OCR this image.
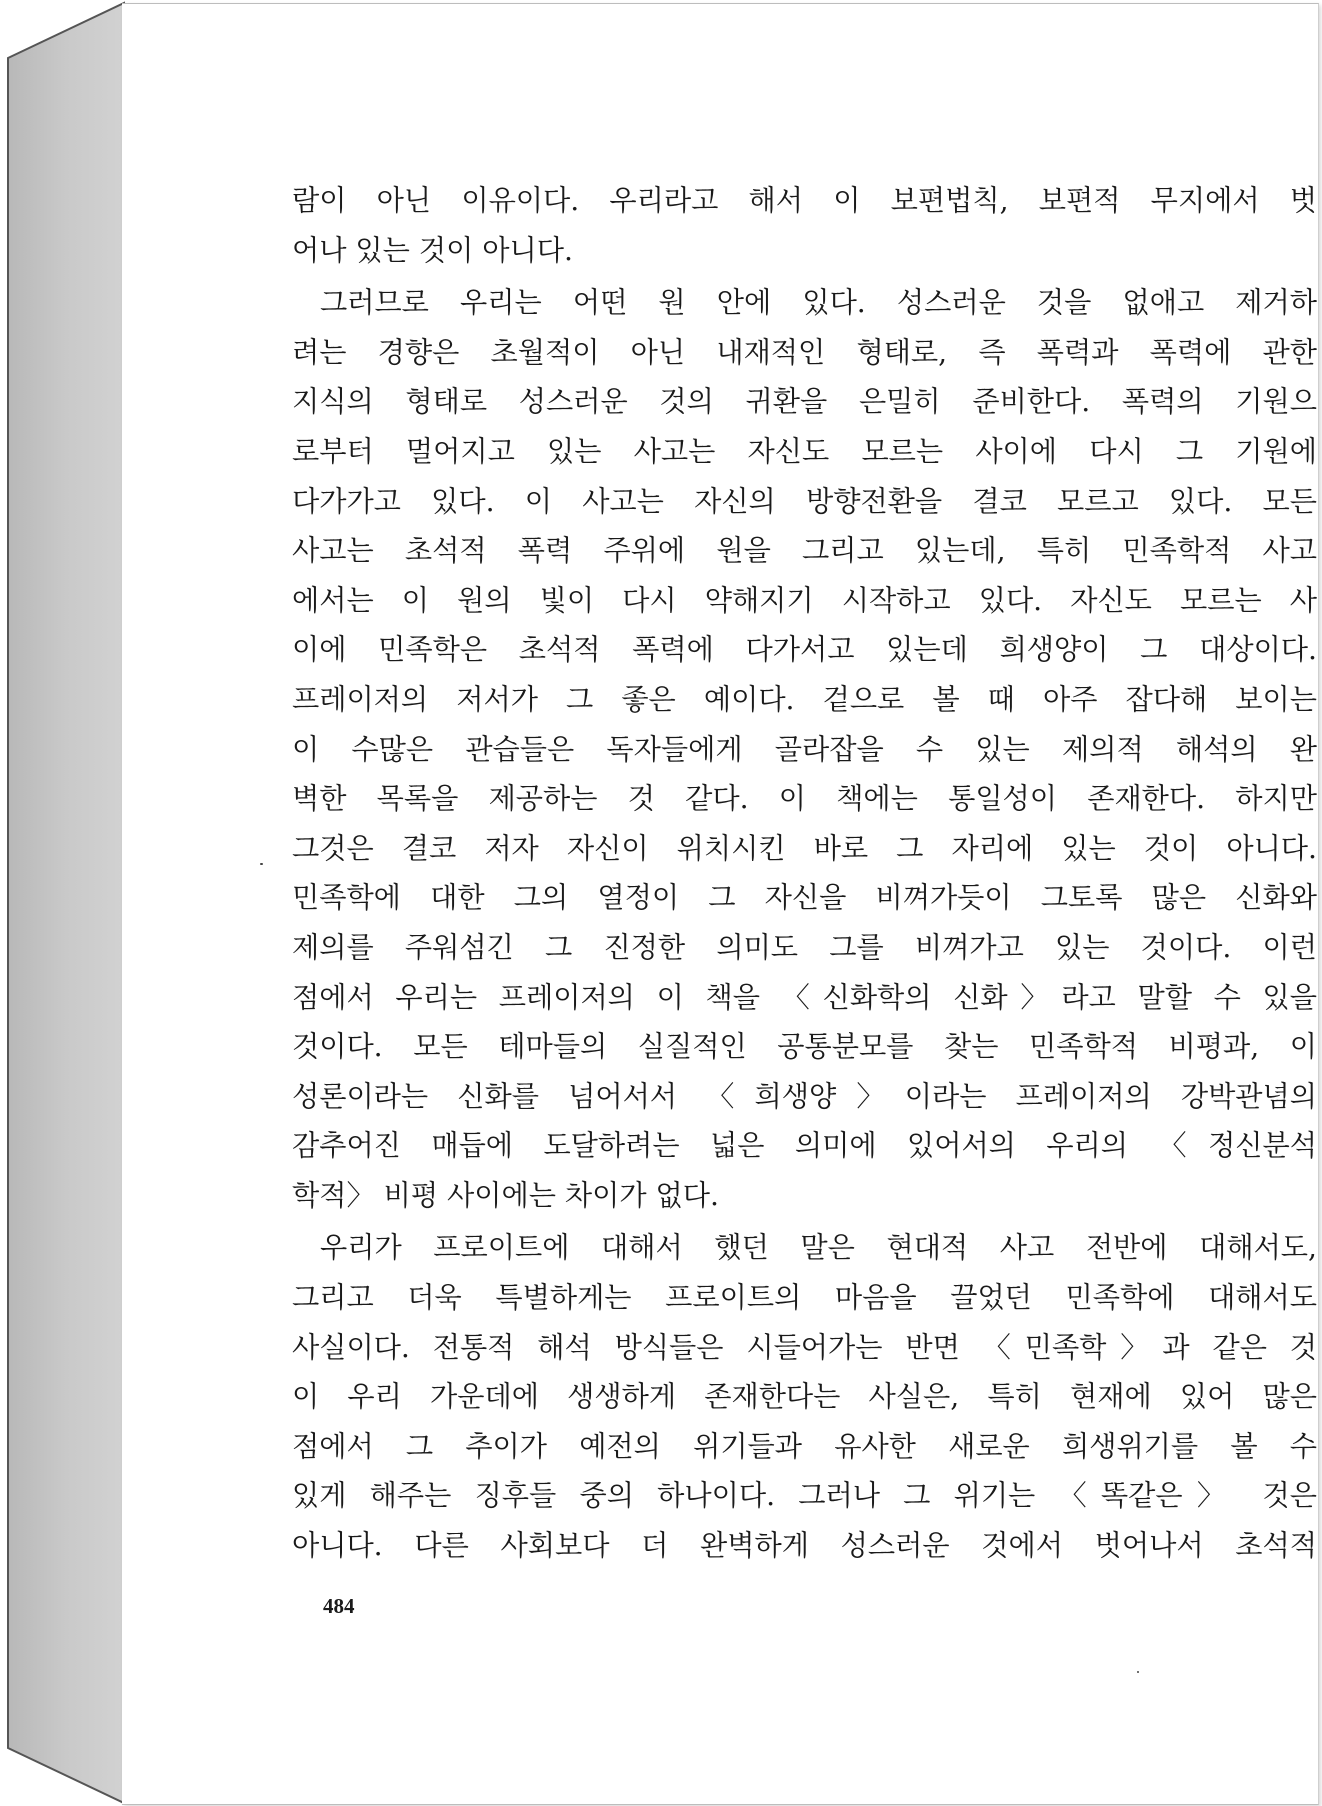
람이 아닌 이유이다. 우리라고 해서 이 보편법칙, 보편적 무지에서 벗
어나 있는 것이 아니다.
그러므로 우리는 어떤 원 안에 있다. 성스러운 것을 없애고 제거하
려는 경향은 초월적이 아닌 내재적인 형태로, 즉 폭력과 폭력에 관한
지식의 형태로 성스러운 것의 귀환을 은밀히 준비한다. 폭력의 기원으
로부터 멀어지고 있는 사고는 자신도 모르는 사이에 다시 그 기원에
다가가고 있다. 이 사고는 자신의 방향전환을 결코 모르고 있다. 모든
사고는 초석적 폭력 주위에 원을 그리고 있는데, 특히 민족학적 사고
에서는 이 원의 빛이 다시 약해지기 시작하고 있다. 자신도 모르는 사
이에 민족학은 초석적 폭력에 다가서고 있는데 희생양이 그 대상이다.
프레이저의 저서가 그 좋은 예이다. 겉으로 볼 때 아주 잡다해 보이는
이 수많은 관습들은 독자들에게 골라잡을 수 있는 제의적 해석의 완
벽한 목록을 제공하는 것 같다. 이 책에는 통일성이 존재한다. 하지만
그것은 결코 저자 자신이 위치시킨 바로 그 자리에 있는 것이 아니다.
민족학에 대한 그의 열정이 그 자신을 비껴가듯이 그토록 많은 신화와
제의를 주워섬긴 그 진정한 의미도 그를 비껴가고 있는 것이다. 이런
점에서 우리는 프레이저의 이 책을 〈신화학의 신화〉라고 말할 수 있을
것이다. 모든 테마들의 실질적인 공통분모를 찾는 민족학적 비평과, 이
성론이라는 신화를 넘어서서 〈희생양〉이라는 프레이저의 강박관념의
감추어진 매듭에 도달하려는 넓은 의미에 있어서의 우리의 〈정신분석
학적〉 비평 사이에는 차이가 없다.
우리가 프로이트에 대해서 했던 말은 현대적 사고 전반에 대해서도,
그리고 더욱 특별하게는 프로이트의 마음을 끌었던 민족학에 대해서도
사실이다. 전통적 해석 방식들은 시들어가는 반면 〈민족학〉과 같은 것
이 우리 가운데에 생생하게 존재한다는 사실은, 특히 현재에 있어 많은
점에서 그 추이가 예전의 위기들과 유사한 새로운 희생위기를 볼 수
있게 해주는 징후들 중의 하나이다. 그러나 그 위기는 〈똑같은〉 것은
아니다. 다른 사회보다 더 완벽하게 성스러운 것에서 벗어나서 초석적
484
